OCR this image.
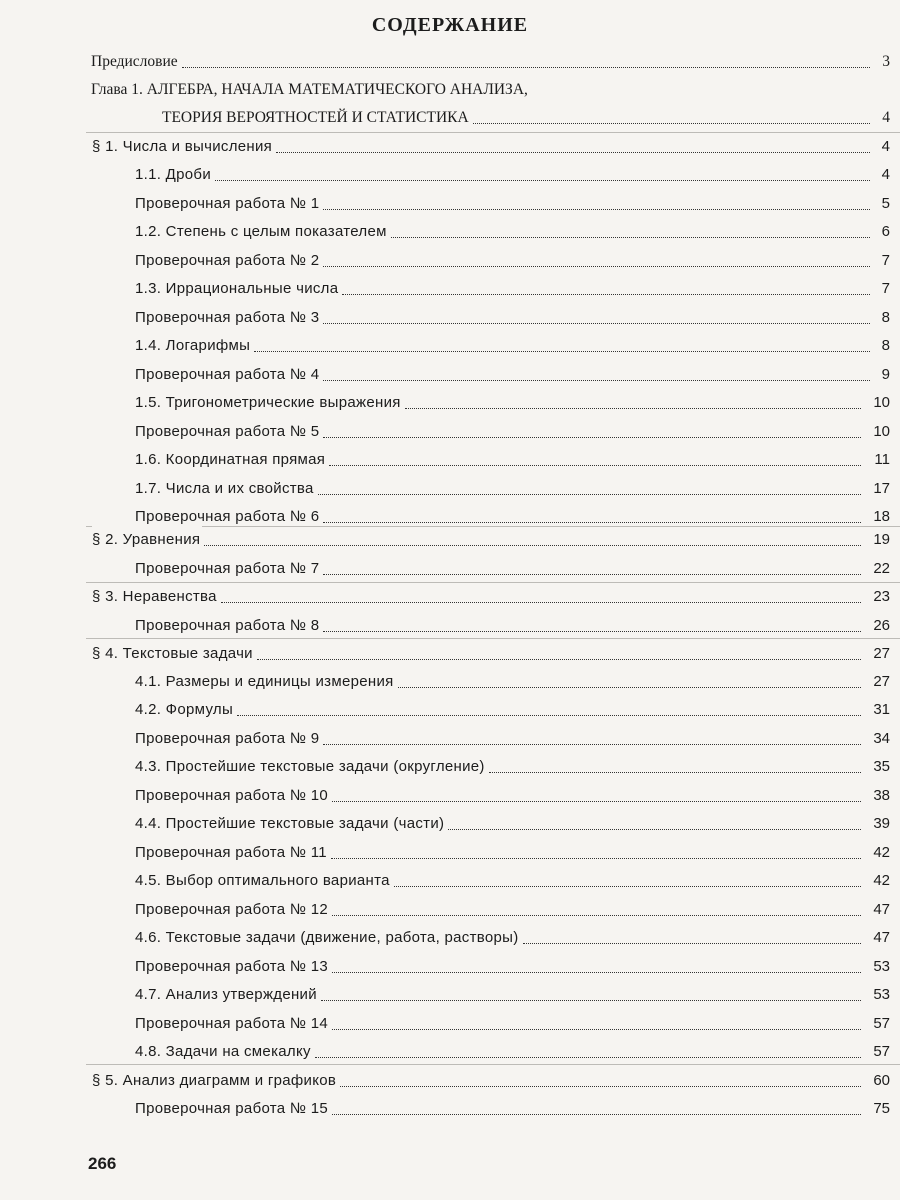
СОДЕРЖАНИЕ
Предисловие	3
Глава 1. АЛГЕБРА, НАЧАЛА МАТЕМАТИЧЕСКОГО АНАЛИЗА,
ТЕОРИЯ ВЕРОЯТНОСТЕЙ И СТАТИСТИКА	4
§ 1. Числа и вычисления	4
1.1. Дроби	4
Проверочная работа № 1	5
1.2. Степень с целым показателем	6
Проверочная работа № 2	7
1.3. Иррациональные числа	7
Проверочная работа № 3	8
1.4. Логарифмы	8
Проверочная работа № 4	9
1.5. Тригонометрические выражения	10
Проверочная работа № 5	10
1.6. Координатная прямая	11
1.7. Числа и их свойства	17
Проверочная работа № 6	18
§ 2. Уравнения	19
Проверочная работа № 7	22
§ 3. Неравенства	23
Проверочная работа № 8	26
§ 4. Текстовые задачи	27
4.1. Размеры и единицы измерения	27
4.2. Формулы	31
Проверочная работа № 9	34
4.3. Простейшие текстовые задачи (округление)	35
Проверочная работа № 10	38
4.4. Простейшие текстовые задачи (части)	39
Проверочная работа № 11	42
4.5. Выбор оптимального варианта	42
Проверочная работа № 12	47
4.6. Текстовые задачи (движение, работа, растворы)	47
Проверочная работа № 13	53
4.7. Анализ утверждений	53
Проверочная работа № 14	57
4.8. Задачи на смекалку	57
§ 5. Анализ диаграмм и графиков	60
Проверочная работа № 15	75
266
